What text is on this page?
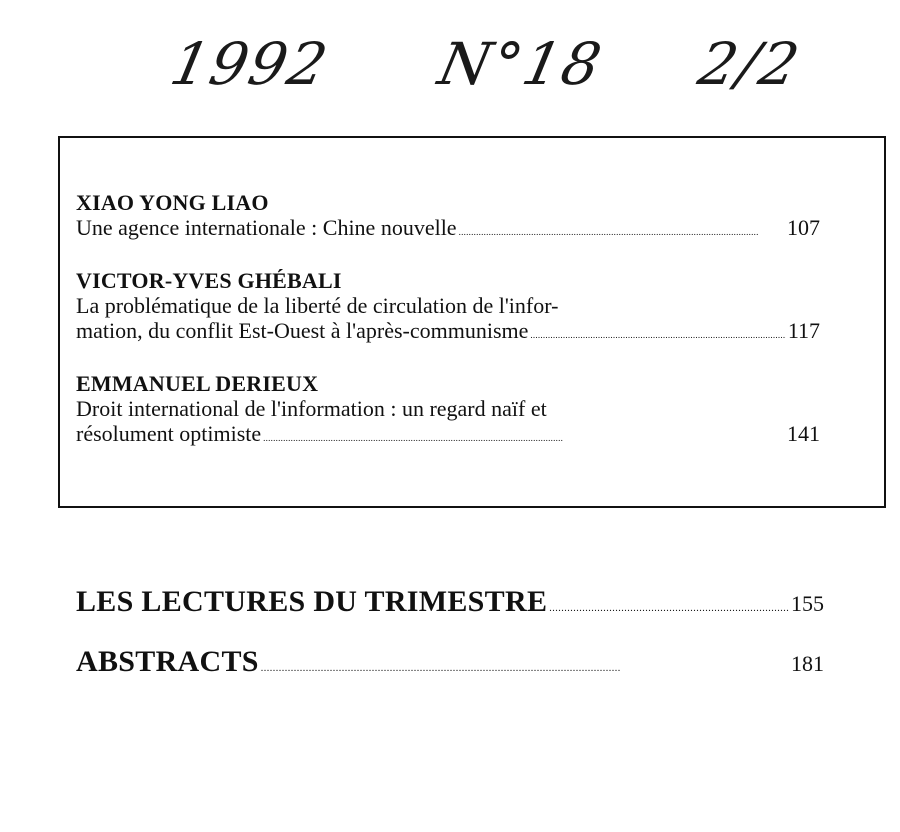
1992 N°18 2/2
XIAO YONG LIAO
Une agence internationale : Chine nouvelle . . .	107
VICTOR-YVES GHÉBALI
La problématique de la liberté de circulation de l'infor-
mation, du conflit Est-Ouest à l'après-communisme . . .	117
EMMANUEL DERIEUX
Droit international de l'information : un regard naïf et
résolument optimiste . . .	141
LES LECTURES DU TRIMESTRE . . .	155
ABSTRACTS . . .	181
